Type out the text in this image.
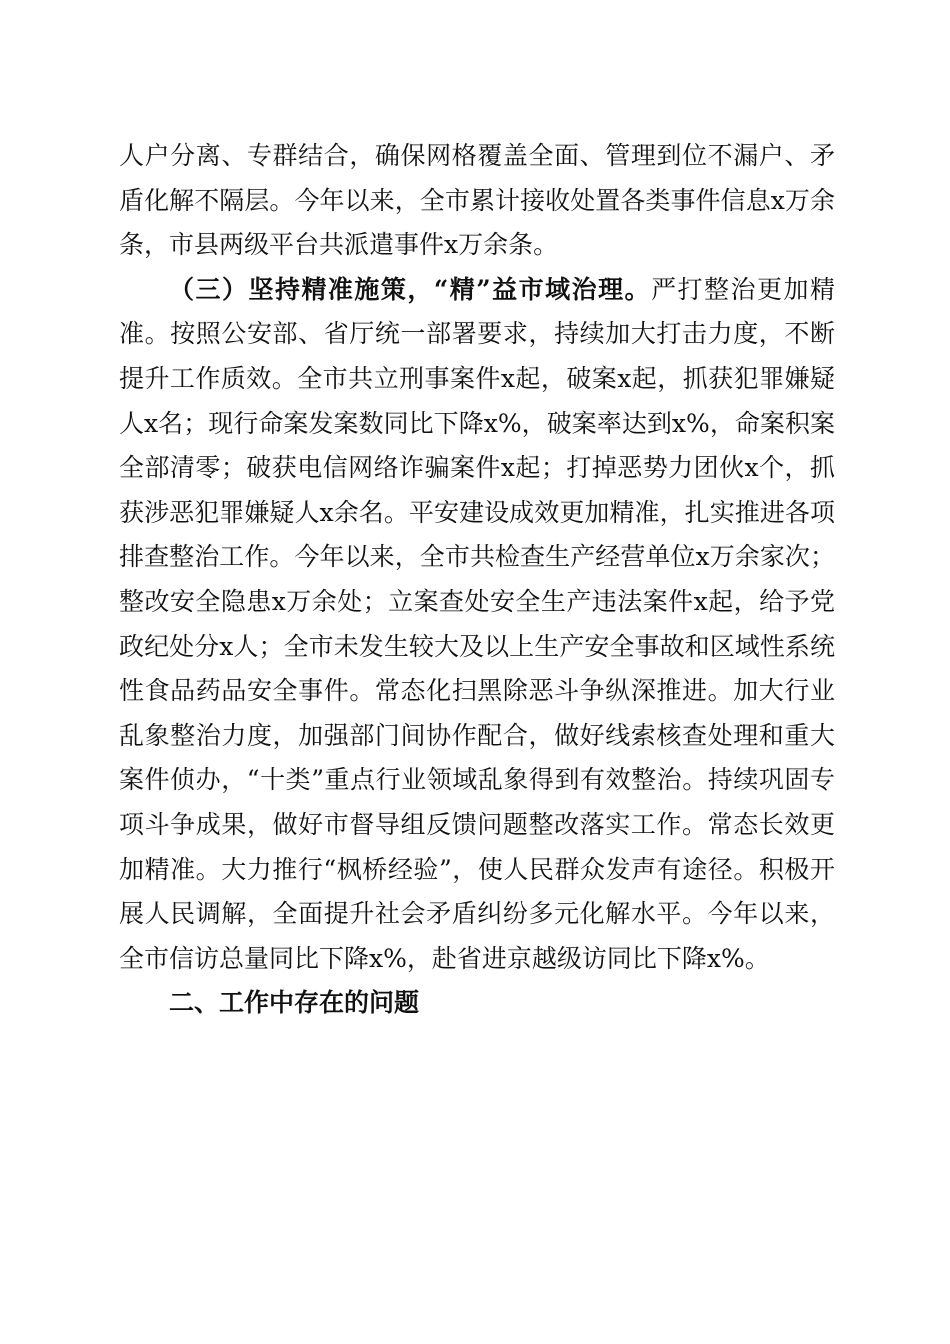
人户分离、专群结合，确保网格覆盖全面、管理到位不漏户、矛盾化解不隔层。今年以来，全市累计接收处置各类事件信息x万余条，市县两级平台共派遣事件x万余条。

（三）坚持精准施策，“精”益市域治理。严打整治更加精准。按照公安部、省厅统一部署要求，持续加大打击力度，不断提升工作质效。全市共立刑事案件x起，破案x起，抓获犯罪嫌疑人x名；现行命案发案数同比下降x%，破案率达到x%，命案积案全部清零；破获电信网络诈骗案件x起；打掉恶势力团伙x个，抓获涉恶犯罪嫌疑人x余名。平安建设成效更加精准，扎实推进各项排查整治工作。今年以来，全市共检查生产经营单位x万余家次；整改安全隐患x万余处；立案查处安全生产违法案件x起，给予党政纪处分x人；全市未发生较大及以上生产安全事故和区域性系统性食品药品安全事件。常态化扫黑除恶斗争纵深推进。加大行业乱象整治力度，加强部门间协作配合，做好线索核查处理和重大案件侦办，“十类”重点行业领域乱象得到有效整治。持续巩固专项斗争成果，做好市督导组反馈问题整改落实工作。常态长效更加精准。大力推行“枫桥经验”，使人民群众发声有途径。积极开展人民调解，全面提升社会矛盾纠纷多元化解水平。今年以来，全市信访总量同比下降x%，赴省进京越级访同比下降x%。

二、工作中存在的问题
